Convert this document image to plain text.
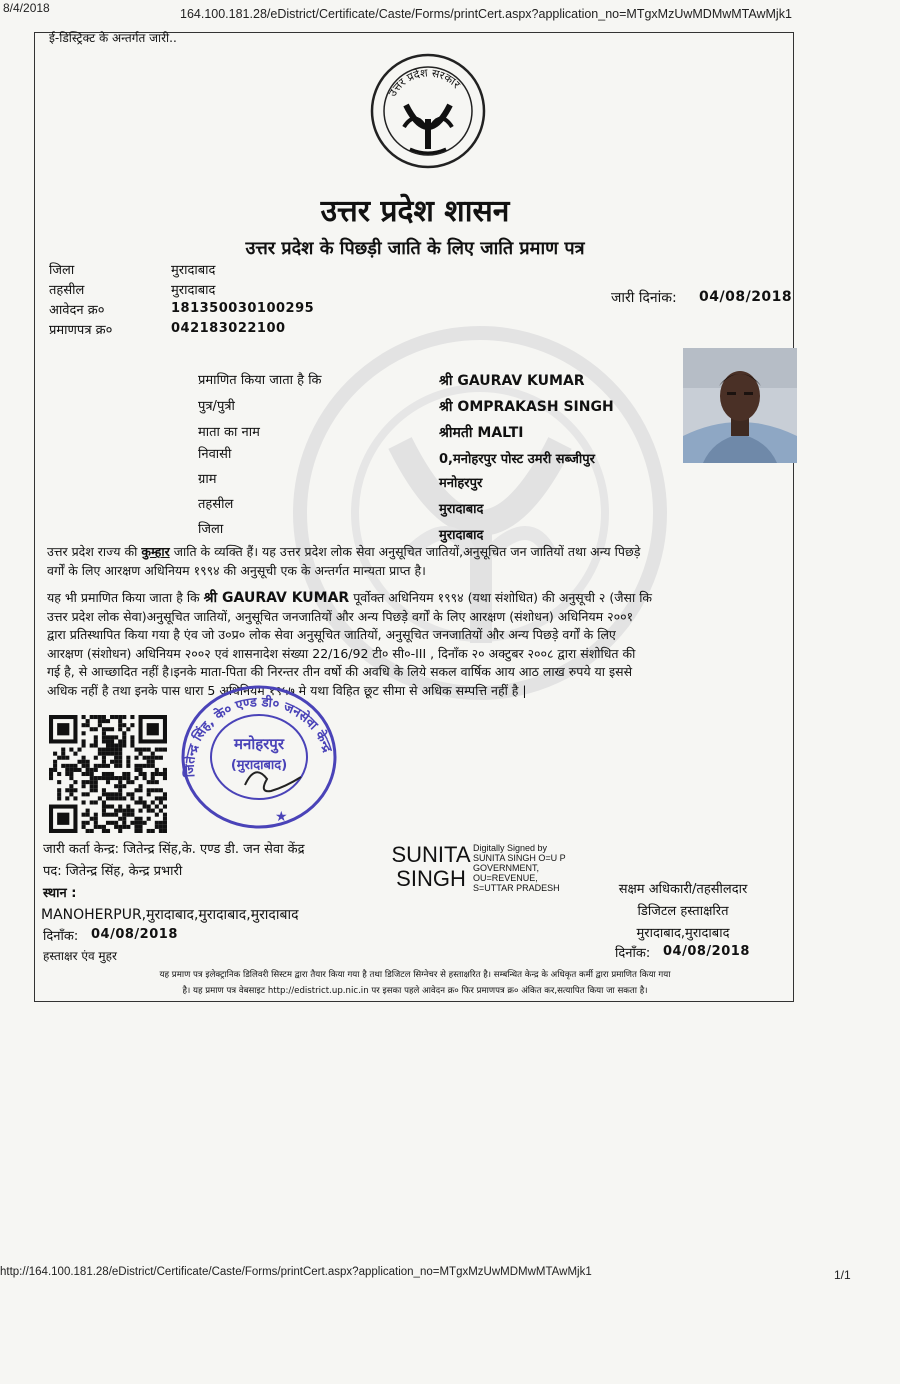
8/4/2018	164.100.181.28/eDistrict/Certificate/Caste/Forms/printCert.aspx?application_no=MTgxMzUwMDMwMTAwMjk1
ई-डिस्ट्रिक्ट के अन्तर्गत जारी..
उत्तर प्रदेश सरकार
उत्तर प्रदेश शासन
उत्तर प्रदेश के पिछड़ी जाति के लिए जाति प्रमाण पत्र
जिला	मुरादाबाद
तहसील	मुरादाबाद
आवेदन क्र०	181350030100295
प्रमाणपत्र क्र०	042183022100
जारी दिनांक: 04/08/2018
प्रमाणित किया जाता है कि	श्री GAURAV KUMAR
पुत्र/पुत्री	श्री OMPRAKASH SINGH
माता का नाम	श्रीमती MALTI
निवासी	0,मनोहरपुर पोस्ट उमरी सब्जीपुर
ग्राम	मनोहरपुर
तहसील	मुरादाबाद
जिला	मुरादाबाद
उत्तर प्रदेश राज्य की कुम्हार जाति के व्यक्ति हैं। यह उत्तर प्रदेश लोक सेवा अनुसूचित जातियों,अनुसूचित जन जातियों तथा अन्य पिछड़े
वर्गों के लिए आरक्षण अधिनियम १९९४ की अनुसूची एक के अन्तर्गत मान्यता प्राप्त है।
यह भी प्रमाणित किया जाता है कि श्री GAURAV KUMAR पूर्वोक्त अधिनियम १९९४ (यथा संशोधित) की अनुसूची २ (जैसा कि
उत्तर प्रदेश लोक सेवा)अनुसूचित जातियों, अनुसूचित जनजातियों और अन्य पिछड़े वर्गों के लिए आरक्षण (संशोधन) अधिनियम २००१
द्वारा प्रतिस्थापित किया गया है एंव जो उ०प्र० लोक सेवा अनुसूचित जातियों, अनुसूचित जनजातियों और अन्य पिछड़े वर्गों के लिए
आरक्षण (संशोधन) अधिनियम २००२ एवं शासनादेश संख्या 22/16/92 टी० सी०-III , दिनाँक २० अक्टुबर २००८ द्वारा संशोधित की
गई है, से आच्छादित नहीं है।इनके माता-पिता की निरन्तर तीन वर्षो की अवधि के लिये सकल वार्षिक आय आठ लाख रुपये या इससे
अधिक नहीं है तथा इनके पास धारा 5 अधिनियम १९५७ मे यथा विहित छूट सीमा से अधिक सम्पत्ति नहीं है |
जितेन्द्र सिंह, के० एण्ड डी० जनसेवा केन्द्र
मनोहरपुर
(मुरादाबाद)
★
जारी कर्ता केन्द्र: जितेन्द्र सिंह,के. एण्ड डी. जन सेवा केंद्र
पद: जितेन्द्र सिंह, केन्द्र प्रभारी
स्थान :
MANOHERPUR,मुरादाबाद,मुरादाबाद,मुरादाबाद
दिनाँक: 04/08/2018
हस्ताक्षर एंव मुहर
SUNITA
SINGH
Digitally Signed by
SUNITA SINGH O=U P
GOVERNMENT,
OU=REVENUE,
S=UTTAR PRADESH	सक्षम अधिकारी/तहसीलदार
डिजिटल हस्ताक्षरित
मुरादाबाद,मुरादाबाद
दिनाँक: 04/08/2018
यह प्रमाण पत्र इलेक्ट्रानिक डिलिवरी सिस्टम द्वारा तैयार किया गया है तथा डिजिटल सिग्नेचर से हस्ताक्षरित है। सम्बन्धित केन्द्र के अधिकृत कर्मी द्वारा प्रमाणित किया गया
है। यह प्रमाण पत्र वेबसाइट http://edistrict.up.nic.in पर इसका पहले आवेदन क्र० फिर प्रमाणपत्र क्र० अंकित कर,सत्यापित किया जा सकता है।
http://164.100.181.28/eDistrict/Certificate/Caste/Forms/printCert.aspx?application_no=MTgxMzUwMDMwMTAwMjk1	1/1
